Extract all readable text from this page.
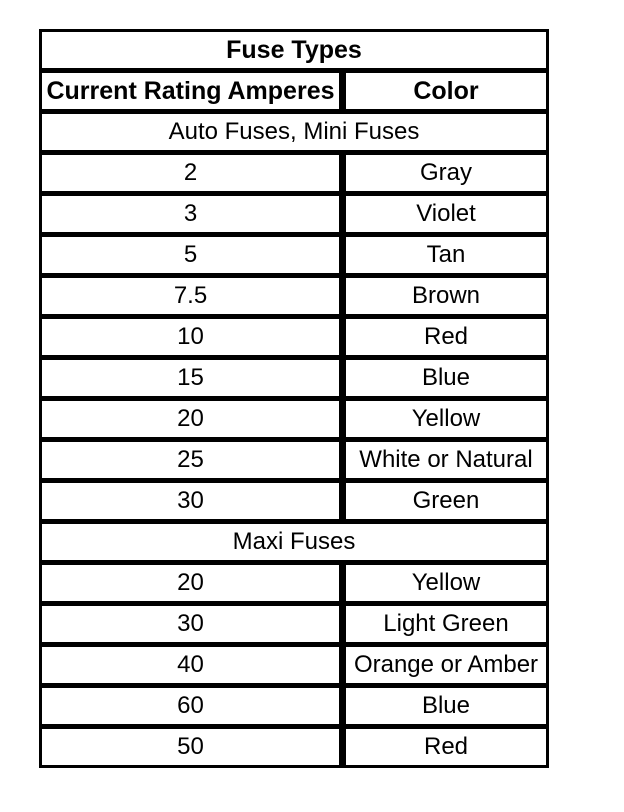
Fuse Types
Current Rating Amperes	Color
Auto Fuses, Mini Fuses
2	Gray
3	Violet
5	Tan
7.5	Brown
10	Red
15	Blue
20	Yellow
25	White or Natural
30	Green
Maxi Fuses
20	Yellow
30	Light Green
40	Orange or Amber
60	Blue
50	Red
